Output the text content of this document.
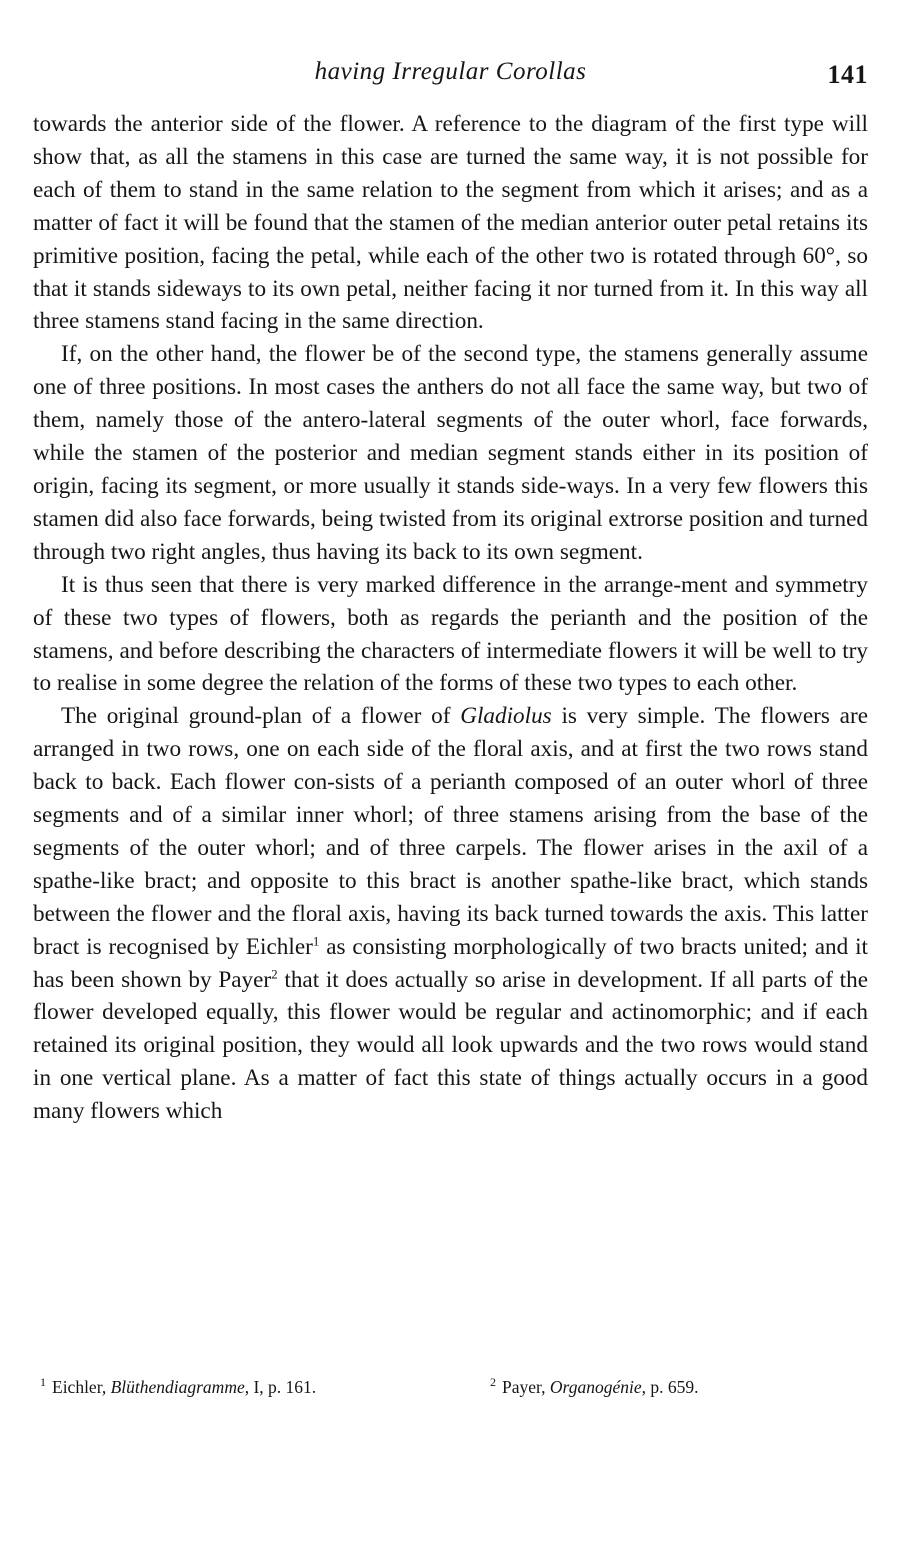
having Irregular Corollas	141

towards the anterior side of the flower. A reference to the diagram of the first type will show that, as all the stamens in this case are turned the same way, it is not possible for each of them to stand in the same relation to the segment from which it arises; and as a matter of fact it will be found that the stamen of the median anterior outer petal retains its primitive position, facing the petal, while each of the other two is rotated through 60°, so that it stands sideways to its own petal, neither facing it nor turned from it. In this way all three stamens stand facing in the same direction.

If, on the other hand, the flower be of the second type, the stamens generally assume one of three positions. In most cases the anthers do not all face the same way, but two of them, namely those of the antero-lateral segments of the outer whorl, face forwards, while the stamen of the posterior and median segment stands either in its position of origin, facing its segment, or more usually it stands side-ways. In a very few flowers this stamen did also face forwards, being twisted from its original extrorse position and turned through two right angles, thus having its back to its own segment.

It is thus seen that there is very marked difference in the arrange-ment and symmetry of these two types of flowers, both as regards the perianth and the position of the stamens, and before describing the characters of intermediate flowers it will be well to try to realise in some degree the relation of the forms of these two types to each other.

The original ground-plan of a flower of Gladiolus is very simple. The flowers are arranged in two rows, one on each side of the floral axis, and at first the two rows stand back to back. Each flower con-sists of a perianth composed of an outer whorl of three segments and of a similar inner whorl; of three stamens arising from the base of the segments of the outer whorl; and of three carpels. The flower arises in the axil of a spathe-like bract; and opposite to this bract is another spathe-like bract, which stands between the flower and the floral axis, having its back turned towards the axis. This latter bract is recognised by Eichler$^1$ as consisting morphologically of two bracts united; and it has been shown by Payer$^2$ that it does actually so arise in development. If all parts of the flower developed equally, this flower would be regular and actinomorphic; and if each retained its original position, they would all look upwards and the two rows would stand in one vertical plane. As a matter of fact this state of things actually occurs in a good many flowers which

$^1$ Eichler, Blüthendiagramme, I, p. 161.	$^2$ Payer, Organogénie, p. 659.
